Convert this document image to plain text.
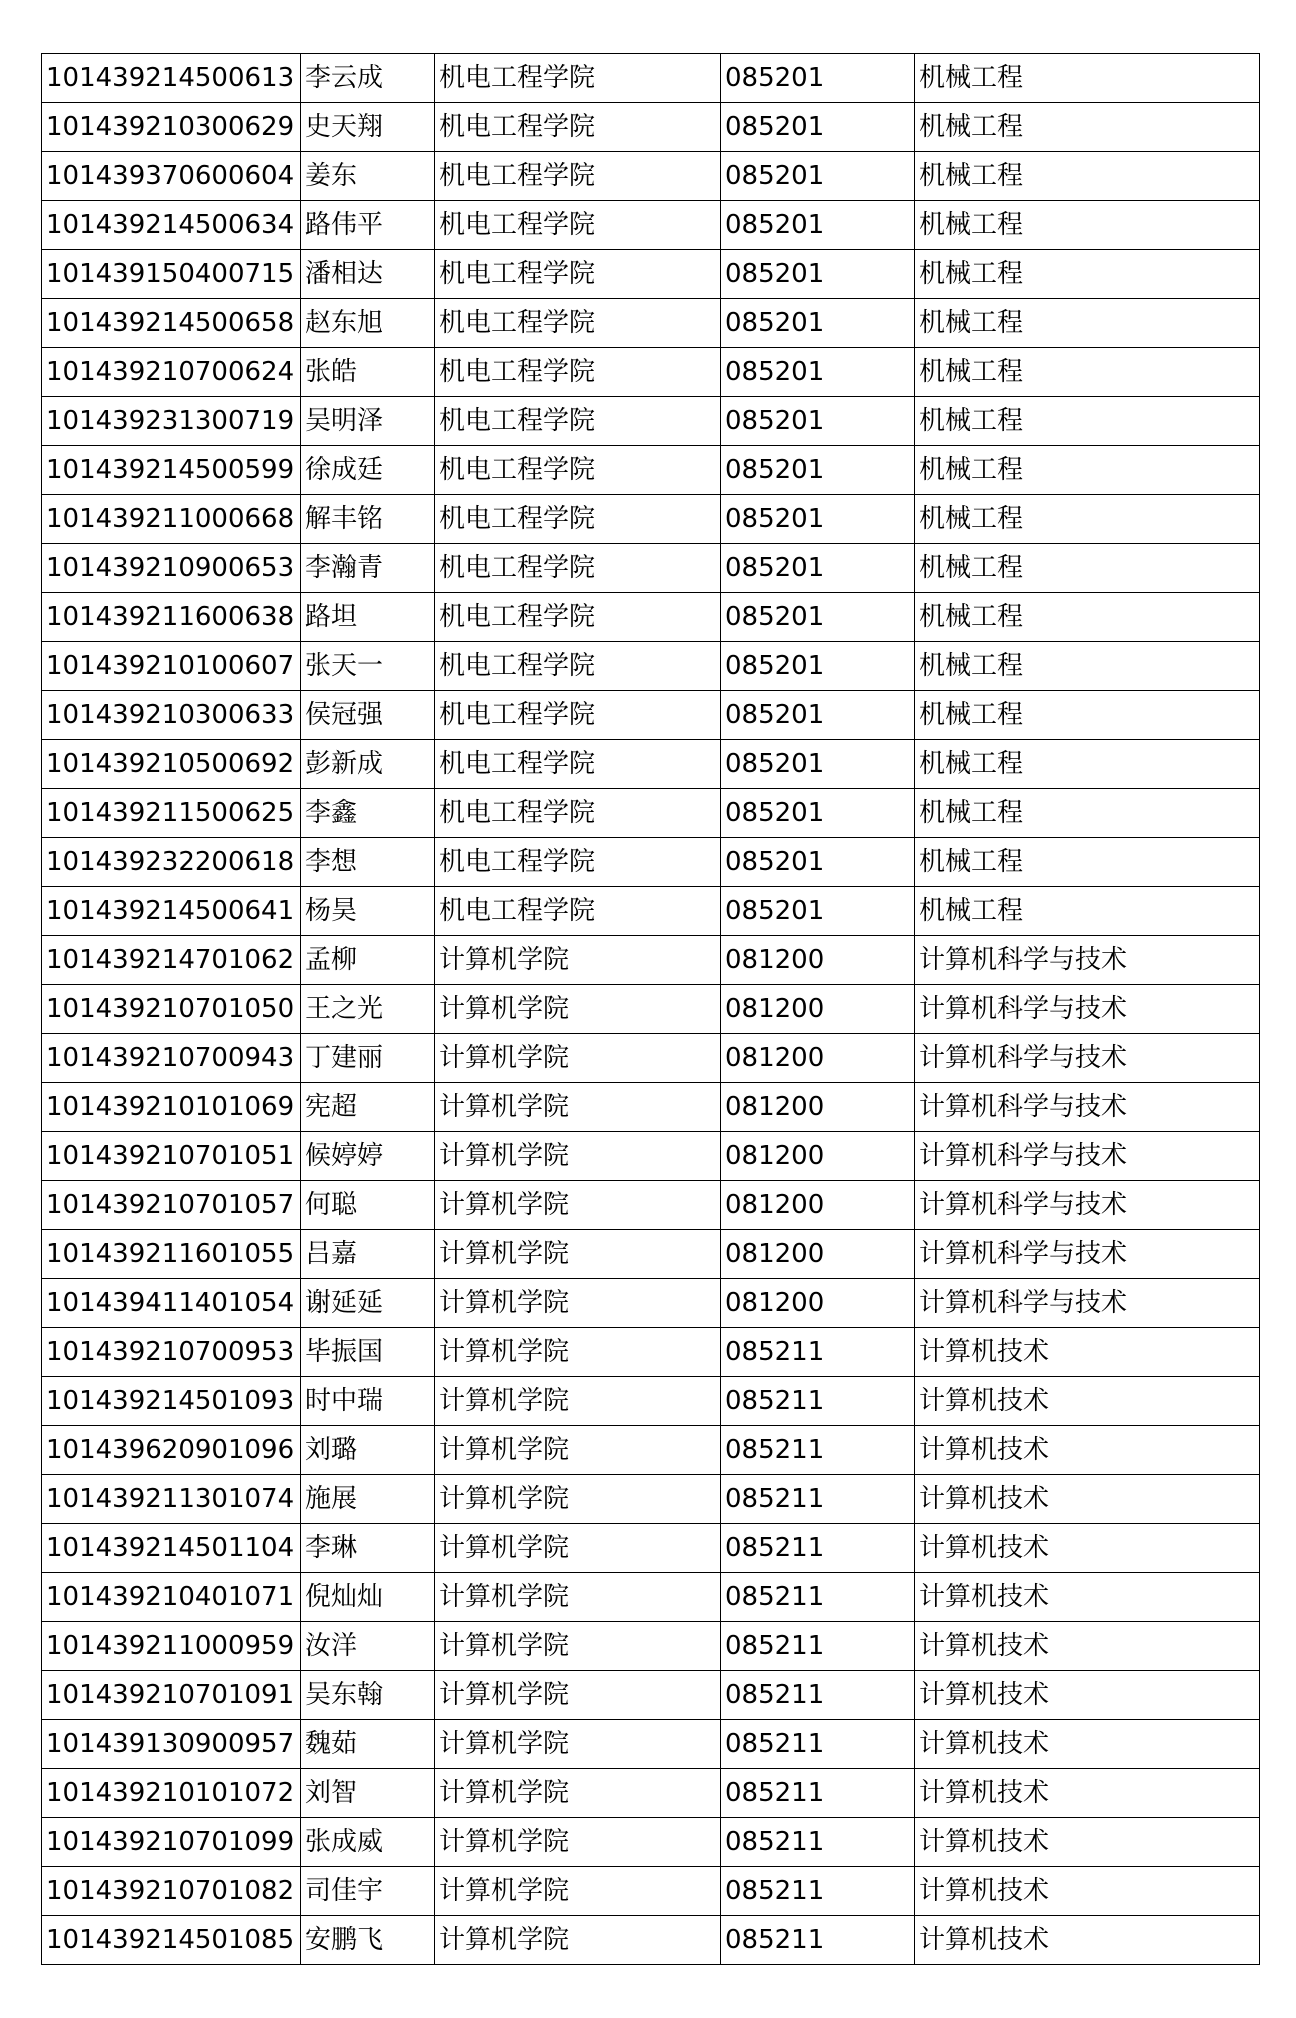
101439214500613	李云成	机电工程学院	085201	机械工程
101439210300629	史天翔	机电工程学院	085201	机械工程
101439370600604	姜东	机电工程学院	085201	机械工程
101439214500634	路伟平	机电工程学院	085201	机械工程
101439150400715	潘相达	机电工程学院	085201	机械工程
101439214500658	赵东旭	机电工程学院	085201	机械工程
101439210700624	张皓	机电工程学院	085201	机械工程
101439231300719	吴明泽	机电工程学院	085201	机械工程
101439214500599	徐成廷	机电工程学院	085201	机械工程
101439211000668	解丰铭	机电工程学院	085201	机械工程
101439210900653	李瀚青	机电工程学院	085201	机械工程
101439211600638	路坦	机电工程学院	085201	机械工程
101439210100607	张天一	机电工程学院	085201	机械工程
101439210300633	侯冠强	机电工程学院	085201	机械工程
101439210500692	彭新成	机电工程学院	085201	机械工程
101439211500625	李鑫	机电工程学院	085201	机械工程
101439232200618	李想	机电工程学院	085201	机械工程
101439214500641	杨昊	机电工程学院	085201	机械工程
101439214701062	孟柳	计算机学院	081200	计算机科学与技术
101439210701050	王之光	计算机学院	081200	计算机科学与技术
101439210700943	丁建丽	计算机学院	081200	计算机科学与技术
101439210101069	宪超	计算机学院	081200	计算机科学与技术
101439210701051	候婷婷	计算机学院	081200	计算机科学与技术
101439210701057	何聪	计算机学院	081200	计算机科学与技术
101439211601055	吕嘉	计算机学院	081200	计算机科学与技术
101439411401054	谢延延	计算机学院	081200	计算机科学与技术
101439210700953	毕振国	计算机学院	085211	计算机技术
101439214501093	时中瑞	计算机学院	085211	计算机技术
101439620901096	刘璐	计算机学院	085211	计算机技术
101439211301074	施展	计算机学院	085211	计算机技术
101439214501104	李琳	计算机学院	085211	计算机技术
101439210401071	倪灿灿	计算机学院	085211	计算机技术
101439211000959	汝洋	计算机学院	085211	计算机技术
101439210701091	吴东翰	计算机学院	085211	计算机技术
101439130900957	魏茹	计算机学院	085211	计算机技术
101439210101072	刘智	计算机学院	085211	计算机技术
101439210701099	张成威	计算机学院	085211	计算机技术
101439210701082	司佳宇	计算机学院	085211	计算机技术
101439214501085	安鹏飞	计算机学院	085211	计算机技术
